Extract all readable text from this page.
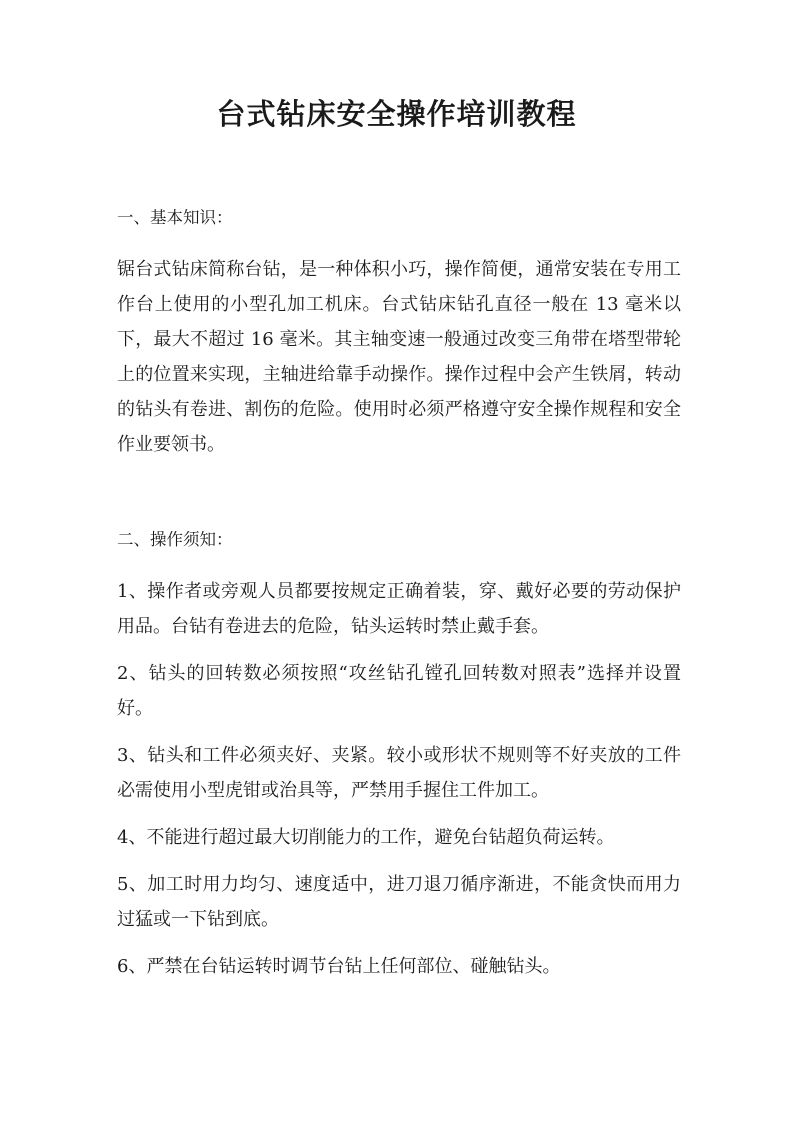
台式钻床安全操作培训教程

一、基本知识：

锯台式钻床简称台钻，是一种体积小巧，操作简便，通常安装在专用工作台上使用的小型孔加工机床。台式钻床钻孔直径一般在 13 毫米以下，最大不超过 16 毫米。其主轴变速一般通过改变三角带在塔型带轮上的位置来实现，主轴进给靠手动操作。操作过程中会产生铁屑，转动的钻头有卷进、割伤的危险。使用时必须严格遵守安全操作规程和安全作业要领书。

二、操作须知：

1、操作者或旁观人员都要按规定正确着装，穿、戴好必要的劳动保护用品。台钻有卷进去的危险，钻头运转时禁止戴手套。

2、钻头的回转数必须按照“攻丝钻孔镗孔回转数对照表”选择并设置好。

3、钻头和工件必须夹好、夹紧。较小或形状不规则等不好夹放的工件必需使用小型虎钳或治具等，严禁用手握住工件加工。

4、不能进行超过最大切削能力的工作，避免台钻超负荷运转。

5、加工时用力均匀、速度适中，进刀退刀循序渐进，不能贪快而用力过猛或一下钻到底。

6、严禁在台钻运转时调节台钻上任何部位、碰触钻头。
